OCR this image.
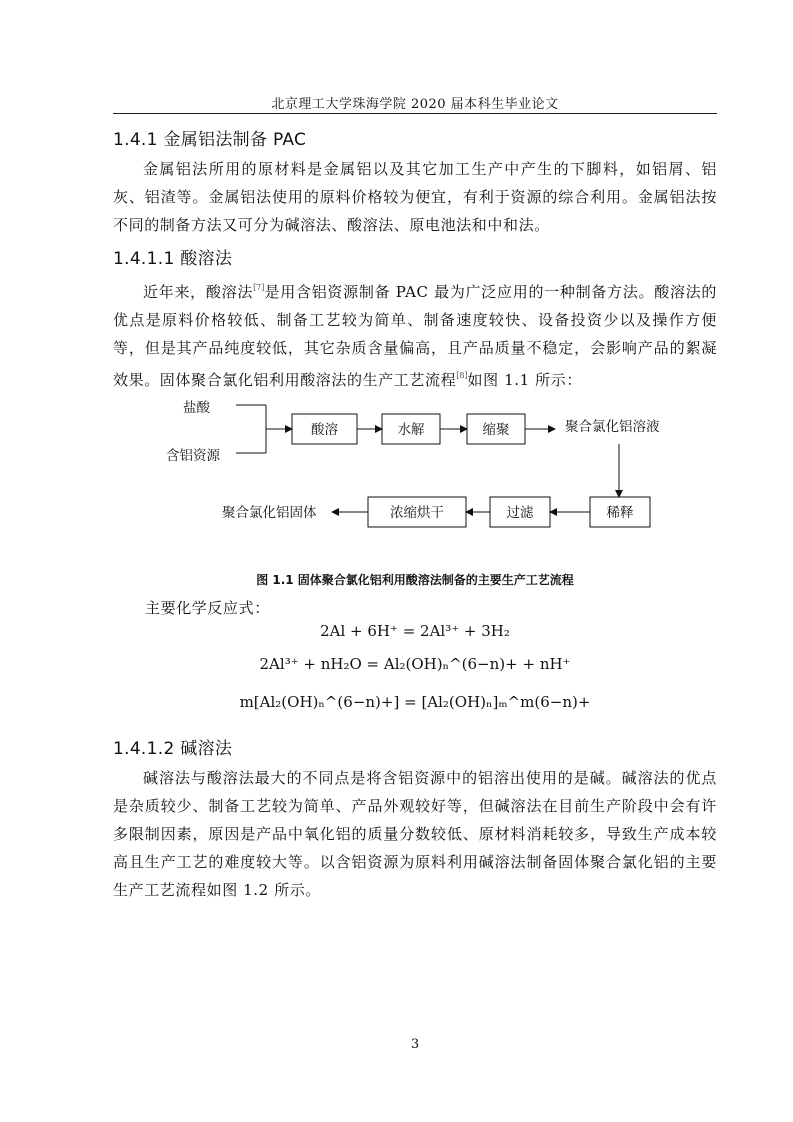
北京理工大学珠海学院 2020 届本科生毕业论文
1.4.1 金属铝法制备 PAC

金属铝法所用的原材料是金属铝以及其它加工生产中产生的下脚料，如铝屑、铝灰、铝渣等。金属铝法使用的原料价格较为便宜，有利于资源的综合利用。金属铝法按不同的制备方法又可分为碱溶法、酸溶法、原电池法和中和法。

1.4.1.1 酸溶法

近年来，酸溶法[7]是用含铝资源制备 PAC 最为广泛应用的一种制备方法。酸溶法的优点是原料价格较低、制备工艺较为简单、制备速度较快、设备投资少以及操作方便等，但是其产品纯度较低，其它杂质含量偏高，且产品质量不稳定，会影响产品的絮凝效果。固体聚合氯化铝利用酸溶法的生产工艺流程[8]如图 1.1 所示：

盐酸
含铝资源
酸溶	水解	缩聚	聚合氯化铝溶液
稀释
过滤
浓缩烘干
聚合氯化铝固体
图 1.1 固体聚合氯化铝利用酸溶法制备的主要生产工艺流程
主要化学反应式：
2Al + 6H⁺ = 2Al³⁺ + 3H₂
2Al³⁺ + nH₂O = Al₂(OH)ₙ^(6−n)+ + nH⁺
m[Al₂(OH)ₙ^(6−n)+] = [Al₂(OH)ₙ]ₘ^m(6−n)+
1.4.1.2 碱溶法

碱溶法与酸溶法最大的不同点是将含铝资源中的铝溶出使用的是碱。碱溶法的优点是杂质较少、制备工艺较为简单、产品外观较好等，但碱溶法在目前生产阶段中会有许多限制因素，原因是产品中氧化铝的质量分数较低、原材料消耗较多，导致生产成本较高且生产工艺的难度较大等。以含铝资源为原料利用碱溶法制备固体聚合氯化铝的主要生产工艺流程如图 1.2 所示。

3
